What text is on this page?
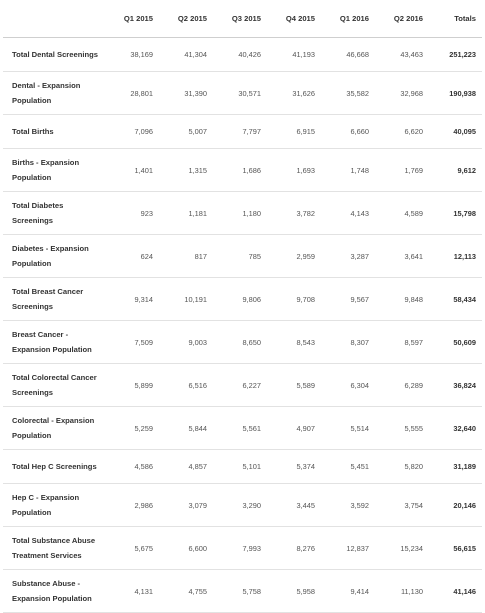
	Q1 2015	Q2 2015	Q3 2015	Q4 2015	Q1 2016	Q2 2016	Totals
Total Dental Screenings	38,169	41,304	40,426	41,193	46,668	43,463	251,223
Dental - Expansion Population	28,801	31,390	30,571	31,626	35,582	32,968	190,938
Total Births	7,096	5,007	7,797	6,915	6,660	6,620	40,095
Births - Expansion Population	1,401	1,315	1,686	1,693	1,748	1,769	9,612
Total Diabetes Screenings	923	1,181	1,180	3,782	4,143	4,589	15,798
Diabetes - Expansion Population	624	817	785	2,959	3,287	3,641	12,113
Total Breast Cancer Screenings	9,314	10,191	9,806	9,708	9,567	9,848	58,434
Breast Cancer - Expansion Population	7,509	9,003	8,650	8,543	8,307	8,597	50,609
Total Colorectal Cancer Screenings	5,899	6,516	6,227	5,589	6,304	6,289	36,824
Colorectal - Expansion Population	5,259	5,844	5,561	4,907	5,514	5,555	32,640
Total Hep C Screenings	4,586	4,857	5,101	5,374	5,451	5,820	31,189
Hep C - Expansion Population	2,986	3,079	3,290	3,445	3,592	3,754	20,146
Total Substance Abuse Treatment Services	5,675	6,600	7,993	8,276	12,837	15,234	56,615
Substance Abuse - Expansion Population	4,131	4,755	5,758	5,958	9,414	11,130	41,146
